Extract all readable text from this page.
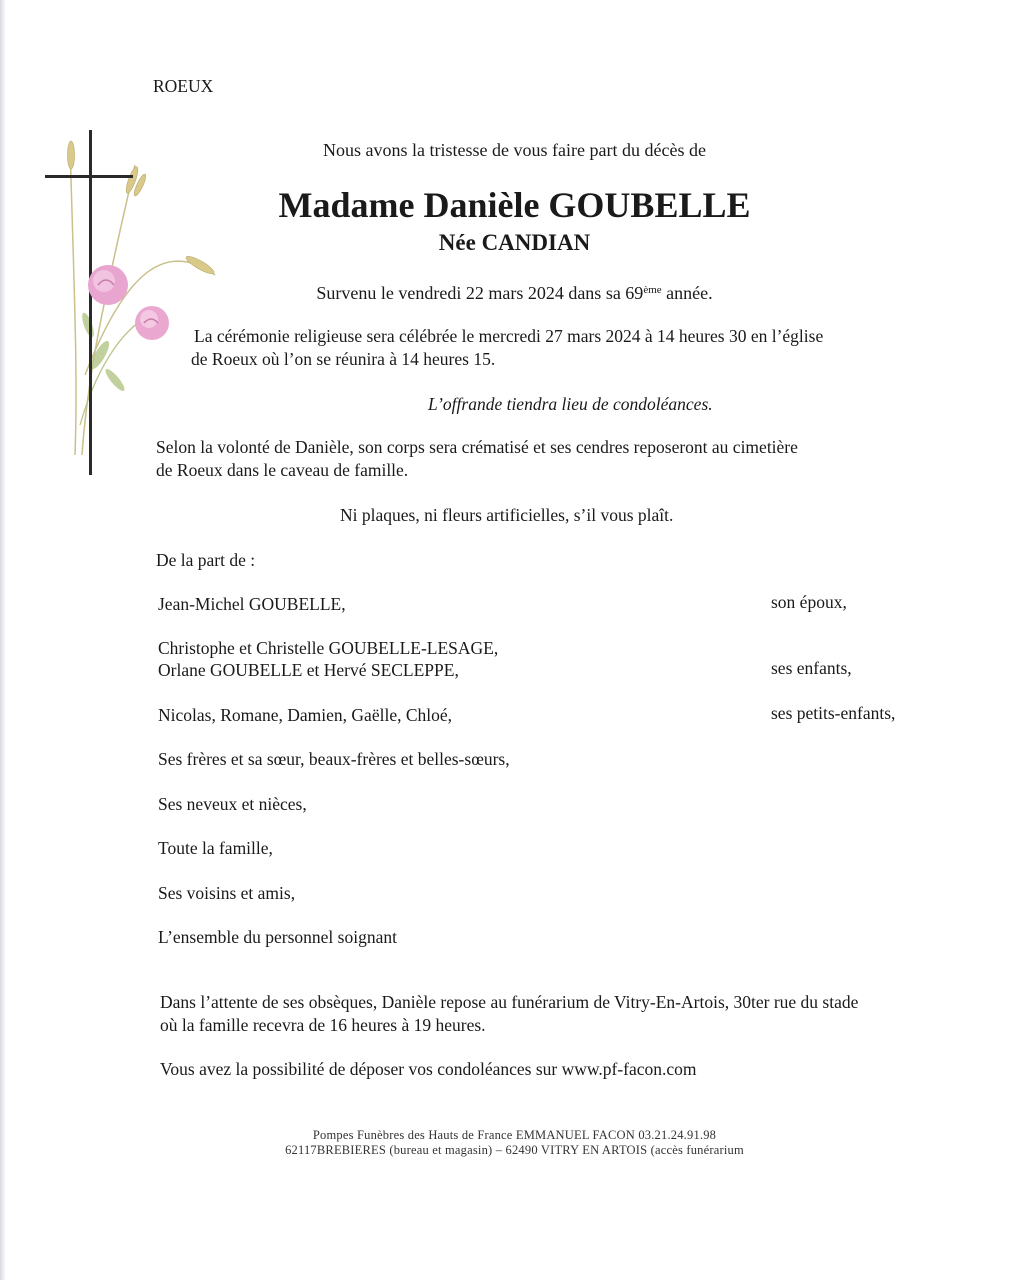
ROEUX
Nous avons la tristesse de vous faire part du décès de
Madame Danièle GOUBELLE
Née CANDIAN
Survenu le vendredi 22 mars 2024 dans sa 69ème année.
La cérémonie religieuse sera célébrée le mercredi 27 mars 2024 à 14 heures 30 en l’église
de Roeux où l’on se réunira à 14 heures 15.
L’offrande tiendra lieu de condoléances.
Selon la volonté de Danièle, son corps sera crématisé et ses cendres reposeront au cimetière
de Roeux dans le caveau de famille.
Ni plaques, ni fleurs artificielles, s’il vous plaît.
De la part de :
Jean-Michel GOUBELLE,	son époux,
Christophe et Christelle GOUBELLE-LESAGE,
Orlane GOUBELLE et Hervé SECLEPPE,	ses enfants,
Nicolas, Romane, Damien, Gaëlle, Chloé,	ses petits-enfants,
Ses frères et sa sœur, beaux-frères et belles-sœurs,
Ses neveux et nièces,
Toute la famille,
Ses voisins et amis,
L’ensemble du personnel soignant
Dans l’attente de ses obsèques, Danièle repose au funérarium de Vitry-En-Artois, 30ter rue du stade
où la famille recevra de 16 heures à 19 heures.
Vous avez la possibilité de déposer vos condoléances sur www.pf-facon.com
Pompes Funèbres des Hauts de France EMMANUEL FACON 03.21.24.91.98
62117BREBIERES (bureau et magasin) – 62490 VITRY EN ARTOIS (accès funérarium
